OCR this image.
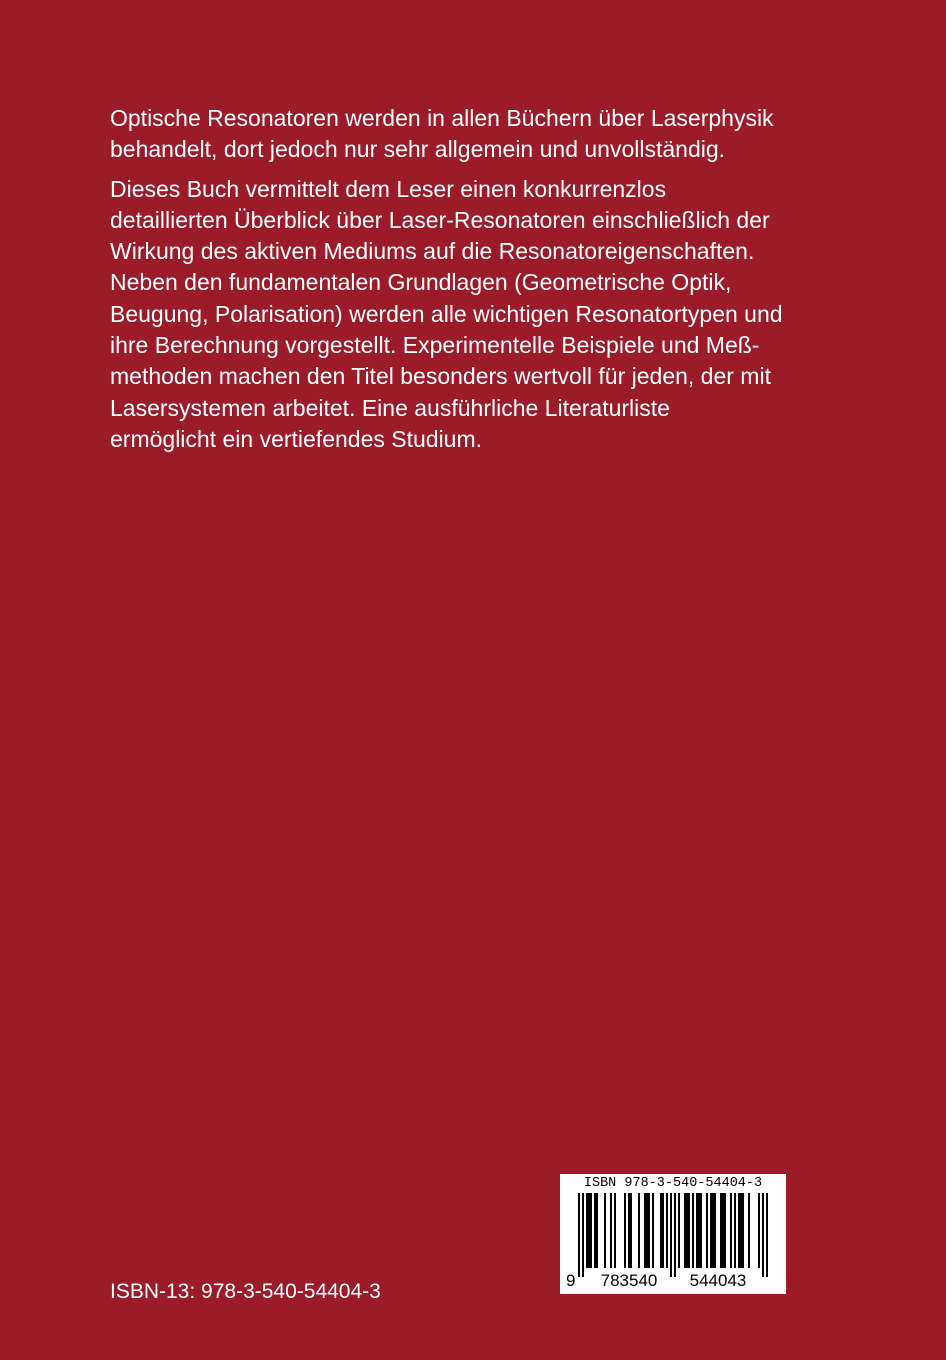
Optische Resonatoren werden in allen Büchern über Laserphysik

behandelt, dort jedoch nur sehr allgemein und unvollständig.

Dieses Buch vermittelt dem Leser einen konkurrenzlos

detaillierten Überblick über Laser-Resonatoren einschließlich der

Wirkung des aktiven Mediums auf die Resonatoreigenschaften.

Neben den fundamentalen Grundlagen (Geometrische Optik,

Beugung, Polarisation) werden alle wichtigen Resonatortypen und

ihre Berechnung vorgestellt. Experimentelle Beispiele und Meß-

methoden machen den Titel besonders wertvoll für jeden, der mit

Lasersystemen arbeitet. Eine ausführliche Literaturliste

ermöglicht ein vertiefendes Studium.

ISBN-13: 978-3-540-54404-3	9 783540 544043
ISBN 978-3-540-54404-3
